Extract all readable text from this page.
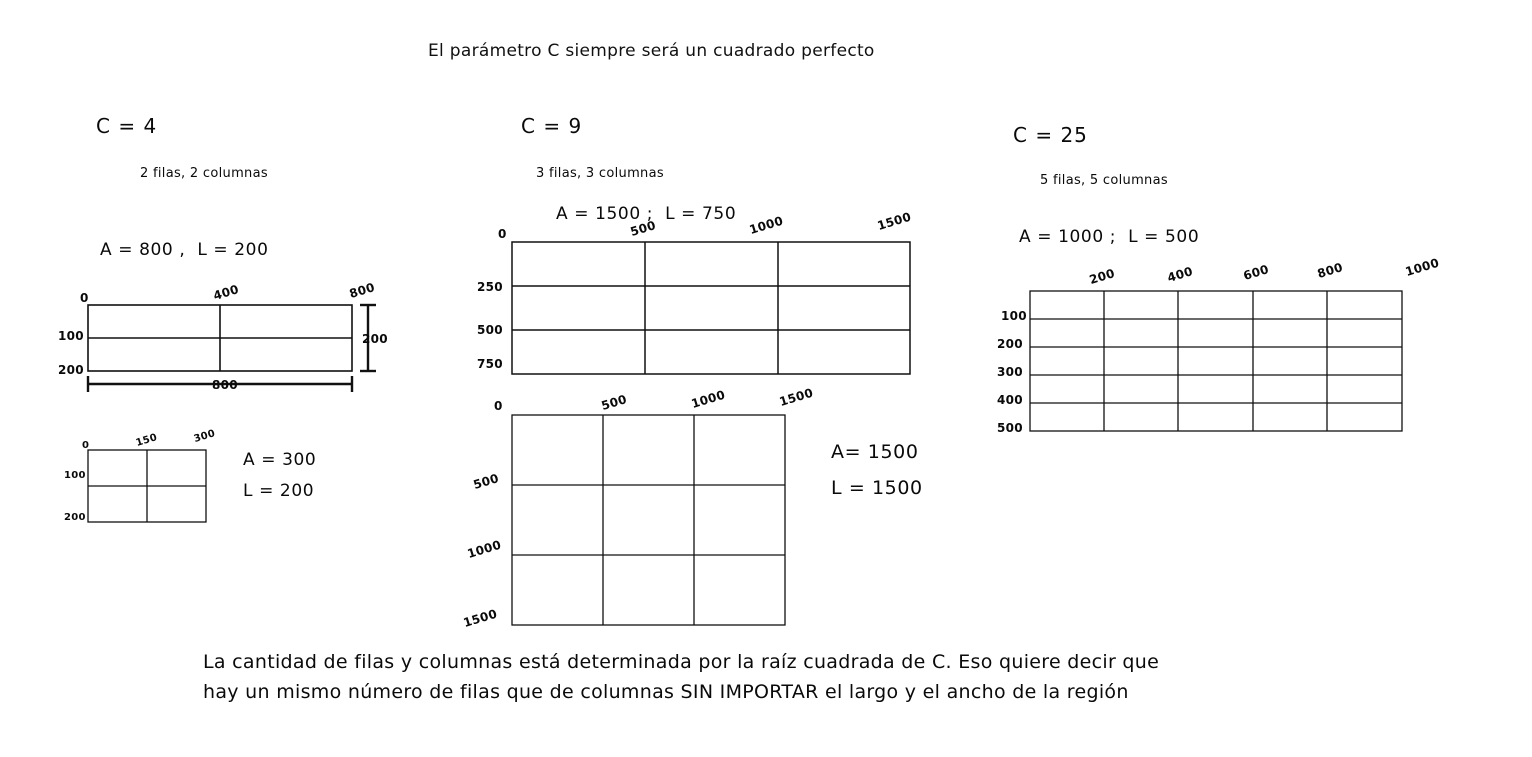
El parámetro C siempre será un cuadrado perfecto
C = 4
2 filas, 2 columnas
A = 800 ,  L = 200
0	400	800
100
200
800
200
0	150	300
100
200
A = 300
L = 200
C = 9
3 filas, 3 columnas
A = 1500 ;  L = 750
0	500	1000	1500
250
500
750
0	500	1000	1500
500
1000
1500
A= 1500
L = 1500
C = 25
5 filas, 5 columnas
A = 1000 ;  L = 500
200	400	600	800	1000
100
200
300
400
500
La cantidad de filas y columnas está determinada por la raíz cuadrada de C. Eso quiere decir que
hay un mismo número de filas que de columnas SIN IMPORTAR el largo y el ancho de la región
